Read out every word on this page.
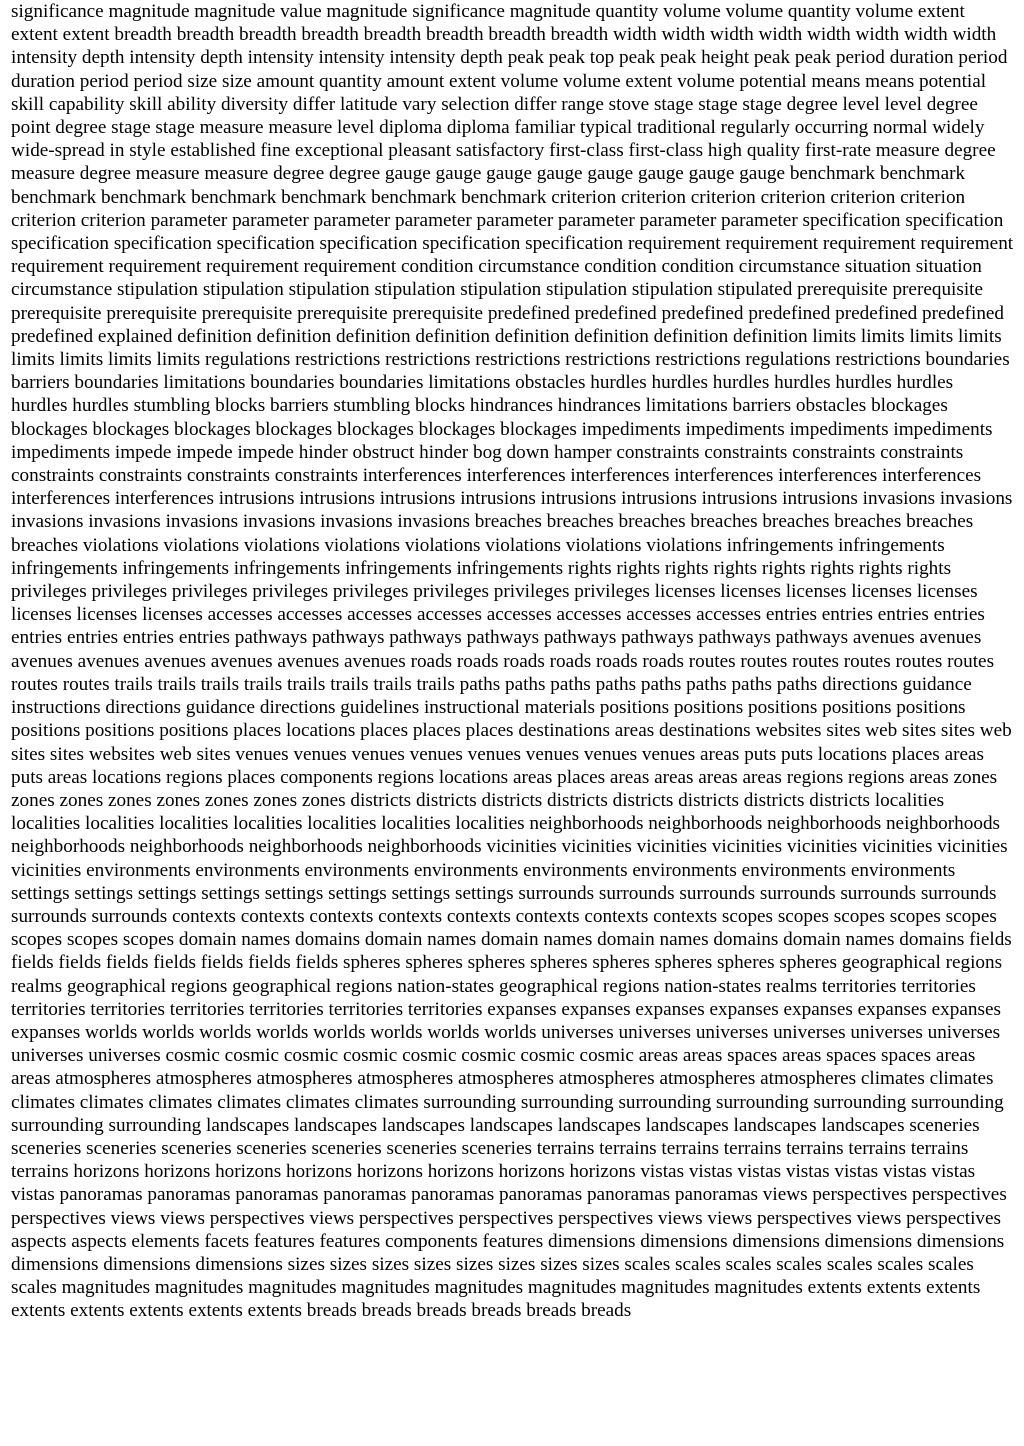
significance magnitude magnitude value magnitude significance magnitude quantity volume volume quantity volume extent extent extent breadth breadth breadth breadth breadth breadth breadth breadth width width width width width width width width intensity depth intensity depth intensity intensity intensity depth peak peak top peak peak height peak peak period duration period duration period period size size amount quantity amount extent volume volume extent volume potential means means potential skill capability skill ability diversity differ latitude vary selection differ range stove stage stage stage degree level level degree point degree stage stage measure measure level diploma diploma familiar typical traditional regularly occurring normal widely wide-spread in style established fine exceptional pleasant satisfactory first-class first-class high quality first-rate measure degree measure degree measure measure degree degree gauge gauge gauge gauge gauge gauge gauge gauge benchmark benchmark benchmark benchmark benchmark benchmark benchmark benchmark criterion criterion criterion criterion criterion criterion criterion criterion parameter parameter parameter parameter parameter parameter parameter parameter specification specification specification specification specification specification specification specification requirement requirement requirement requirement requirement requirement requirement requirement condition circumstance condition condition circumstance situation situation circumstance stipulation stipulation stipulation stipulation stipulation stipulation stipulation stipulated prerequisite prerequisite prerequisite prerequisite prerequisite prerequisite prerequisite predefined predefined predefined predefined predefined predefined predefined explained definition definition definition definition definition definition definition definition limits limits limits limits limits limits limits limits regulations restrictions restrictions restrictions restrictions restrictions regulations restrictions boundaries barriers boundaries limitations boundaries boundaries limitations obstacles hurdles hurdles hurdles hurdles hurdles hurdles hurdles hurdles stumbling blocks barriers stumbling blocks hindrances hindrances limitations barriers obstacles blockages blockages blockages blockages blockages blockages blockages blockages impediments impediments impediments impediments impediments impede impede impede hinder obstruct hinder bog down hamper constraints constraints constraints constraints constraints constraints constraints constraints interferences interferences interferences interferences interferences interferences interferences interferences intrusions intrusions intrusions intrusions intrusions intrusions intrusions intrusions invasions invasions invasions invasions invasions invasions invasions invasions breaches breaches breaches breaches breaches breaches breaches breaches violations violations violations violations violations violations violations violations infringements infringements infringements infringements infringements infringements infringements rights rights rights rights rights rights rights rights privileges privileges privileges privileges privileges privileges privileges privileges licenses licenses licenses licenses licenses licenses licenses licenses accesses accesses accesses accesses accesses accesses accesses accesses entries entries entries entries entries entries entries entries pathways pathways pathways pathways pathways pathways pathways pathways avenues avenues avenues avenues avenues avenues avenues avenues roads roads roads roads roads roads routes routes routes routes routes routes routes routes trails trails trails trails trails trails trails trails paths paths paths paths paths paths paths paths directions guidance instructions directions guidance directions guidelines instructional materials positions positions positions positions positions positions positions positions places locations places places places destinations areas destinations websites sites web sites sites web sites sites websites web sites venues venues venues venues venues venues venues venues areas puts puts locations places areas puts areas locations regions places components regions locations areas places areas areas areas areas regions regions areas zones zones zones zones zones zones zones zones districts districts districts districts districts districts districts districts localities localities localities localities localities localities localities localities neighborhoods neighborhoods neighborhoods neighborhoods neighborhoods neighborhoods neighborhoods neighborhoods vicinities vicinities vicinities vicinities vicinities vicinities vicinities vicinities environments environments environments environments environments environments environments environments settings settings settings settings settings settings settings settings surrounds surrounds surrounds surrounds surrounds surrounds surrounds surrounds contexts contexts contexts contexts contexts contexts contexts contexts scopes scopes scopes scopes scopes scopes scopes scopes domain names domains domain names domain names domain names domains domain names domains fields fields fields fields fields fields fields fields spheres spheres spheres spheres spheres spheres spheres spheres geographical regions realms geographical regions geographical regions nation-states geographical regions nation-states realms territories territories territories territories territories territories territories territories expanses expanses expanses expanses expanses expanses expanses expanses worlds worlds worlds worlds worlds worlds worlds worlds universes universes universes universes universes universes universes universes cosmic cosmic cosmic cosmic cosmic cosmic cosmic cosmic areas areas spaces areas spaces spaces areas areas atmospheres atmospheres atmospheres atmospheres atmospheres atmospheres atmospheres atmospheres climates climates climates climates climates climates climates climates surrounding surrounding surrounding surrounding surrounding surrounding surrounding surrounding landscapes landscapes landscapes landscapes landscapes landscapes landscapes landscapes sceneries sceneries sceneries sceneries sceneries sceneries sceneries sceneries terrains terrains terrains terrains terrains terrains terrains terrains horizons horizons horizons horizons horizons horizons horizons horizons vistas vistas vistas vistas vistas vistas vistas vistas panoramas panoramas panoramas panoramas panoramas panoramas panoramas panoramas views perspectives perspectives perspectives views views perspectives views perspectives perspectives perspectives views views perspectives views perspectives aspects aspects elements facets features features components features dimensions dimensions dimensions dimensions dimensions dimensions dimensions dimensions sizes sizes sizes sizes sizes sizes sizes sizes scales scales scales scales scales scales scales scales magnitudes magnitudes magnitudes magnitudes magnitudes magnitudes magnitudes magnitudes extents extents extents extents extents extents extents extents breads breads breads breads breads breads
